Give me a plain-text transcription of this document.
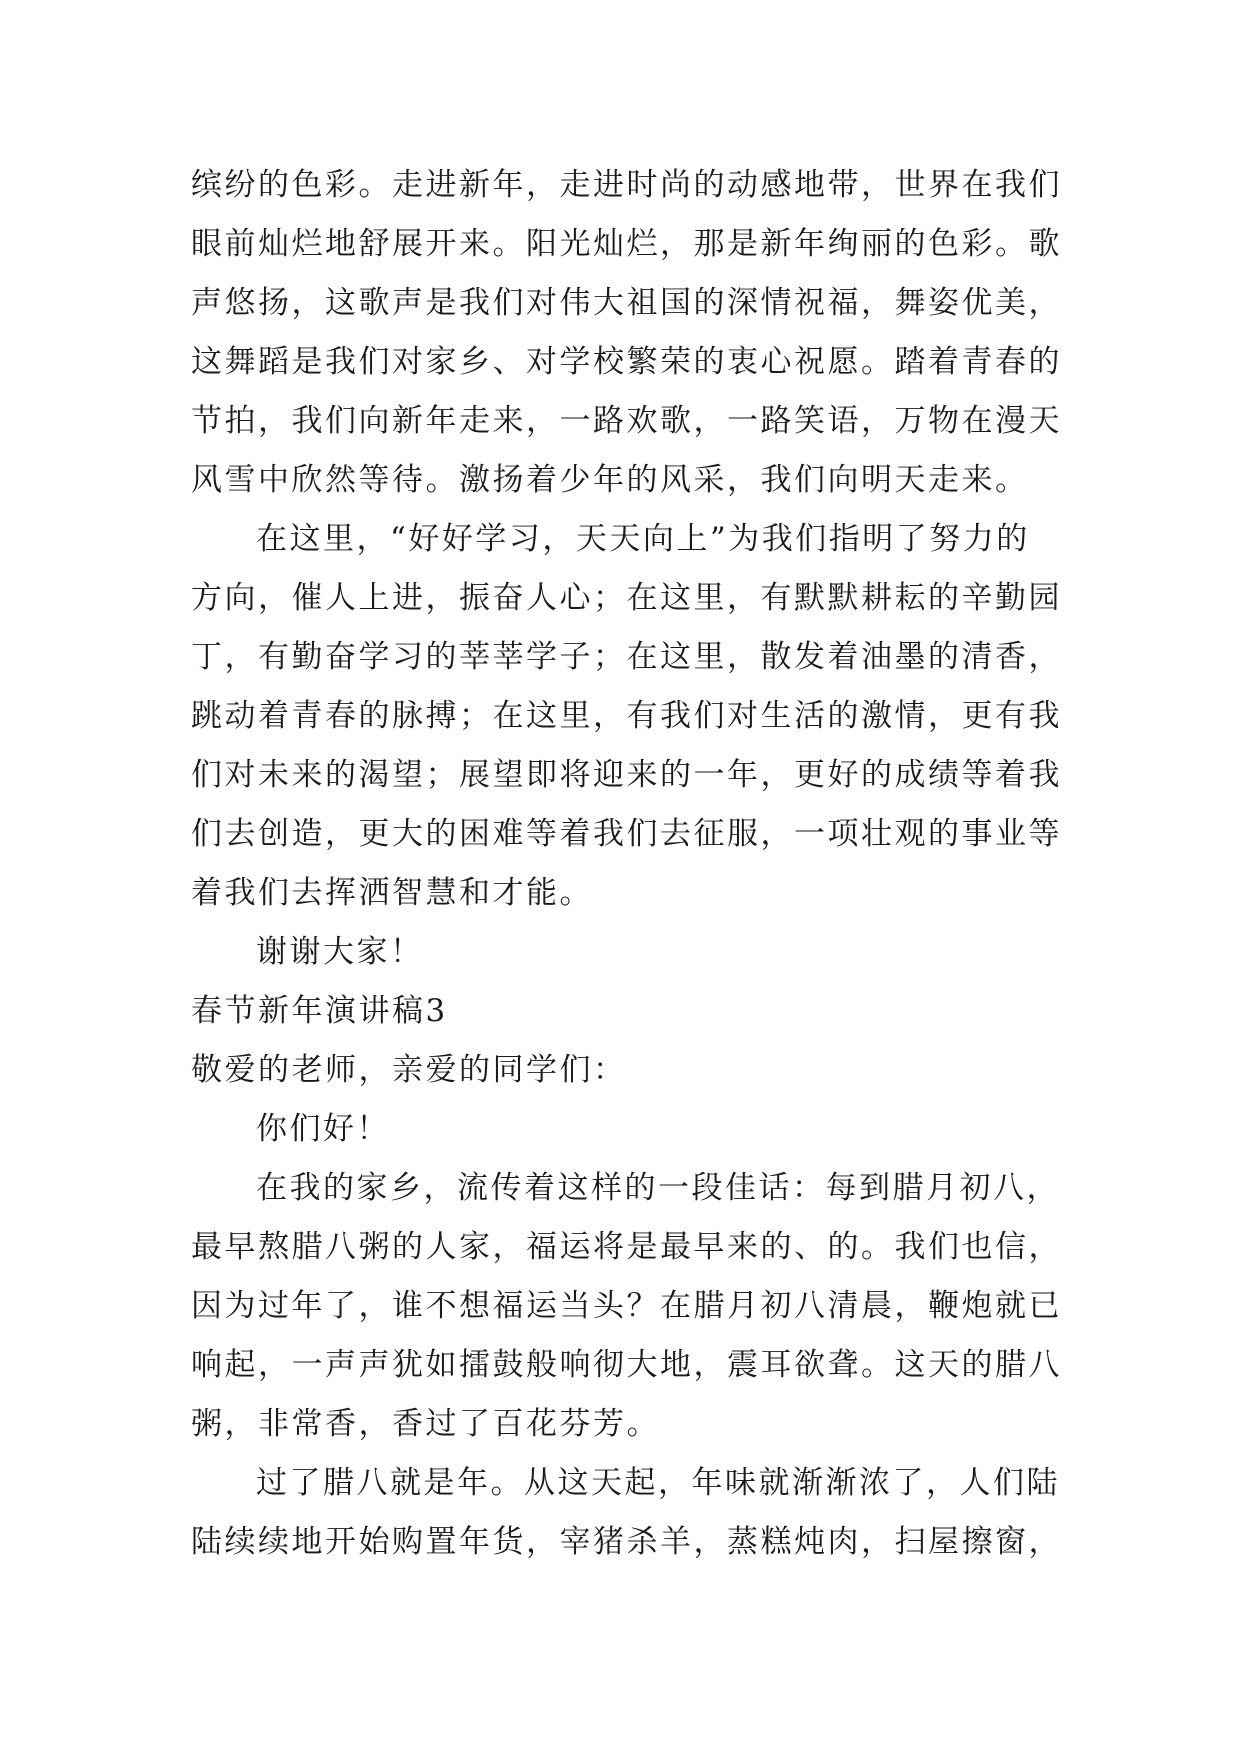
缤纷的色彩。走进新年，走进时尚的动感地带，世界在我们
眼前灿烂地舒展开来。阳光灿烂，那是新年绚丽的色彩。歌
声悠扬，这歌声是我们对伟大祖国的深情祝福，舞姿优美，
这舞蹈是我们对家乡、对学校繁荣的衷心祝愿。踏着青春的
节拍，我们向新年走来，一路欢歌，一路笑语，万物在漫天
风雪中欣然等待。激扬着少年的风采，我们向明天走来。
在这里，“好好学习，天天向上”为我们指明了努力的
方向，催人上进，振奋人心；在这里，有默默耕耘的辛勤园
丁，有勤奋学习的莘莘学子；在这里，散发着油墨的清香，
跳动着青春的脉搏；在这里，有我们对生活的激情，更有我
们对未来的渴望；展望即将迎来的一年，更好的成绩等着我
们去创造，更大的困难等着我们去征服，一项壮观的事业等
着我们去挥洒智慧和才能。
谢谢大家！
春节新年演讲稿3
敬爱的老师，亲爱的同学们：
你们好！
在我的家乡，流传着这样的一段佳话：每到腊月初八，
最早熬腊八粥的人家，福运将是最早来的、的。我们也信，
因为过年了，谁不想福运当头？在腊月初八清晨，鞭炮就已
响起，一声声犹如擂鼓般响彻大地，震耳欲聋。这天的腊八
粥，非常香，香过了百花芬芳。
过了腊八就是年。从这天起，年味就渐渐浓了，人们陆
陆续续地开始购置年货，宰猪杀羊，蒸糕炖肉，扫屋擦窗，
